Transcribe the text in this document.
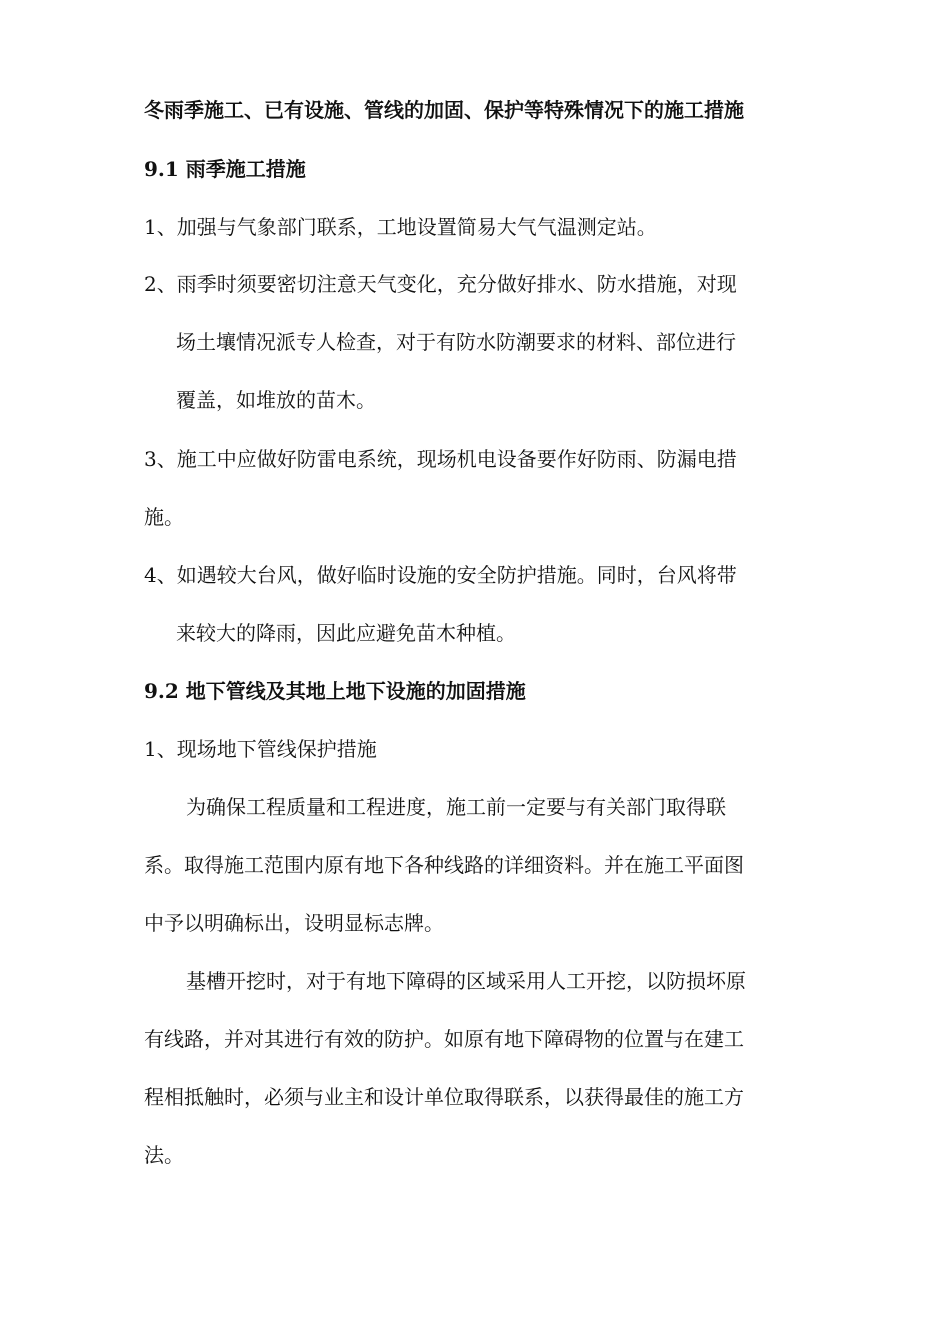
冬雨季施工、已有设施、管线的加固、保护等特殊情况下的施工措施
9.1 雨季施工措施
1、加强与气象部门联系，工地设置简易大气气温测定站。
2、雨季时须要密切注意天气变化，充分做好排水、防水措施，对现
场土壤情况派专人检查，对于有防水防潮要求的材料、部位进行
覆盖，如堆放的苗木。
3、施工中应做好防雷电系统，现场机电设备要作好防雨、防漏电措
施。
4、如遇较大台风，做好临时设施的安全防护措施。同时，台风将带
来较大的降雨，因此应避免苗木种植。
9.2 地下管线及其地上地下设施的加固措施
1、现场地下管线保护措施
为确保工程质量和工程进度，施工前一定要与有关部门取得联
系。取得施工范围内原有地下各种线路的详细资料。并在施工平面图
中予以明确标出，设明显标志牌。
基槽开挖时，对于有地下障碍的区域采用人工开挖，以防损坏原
有线路，并对其进行有效的防护。如原有地下障碍物的位置与在建工
程相抵触时，必须与业主和设计单位取得联系，以获得最佳的施工方
法。
